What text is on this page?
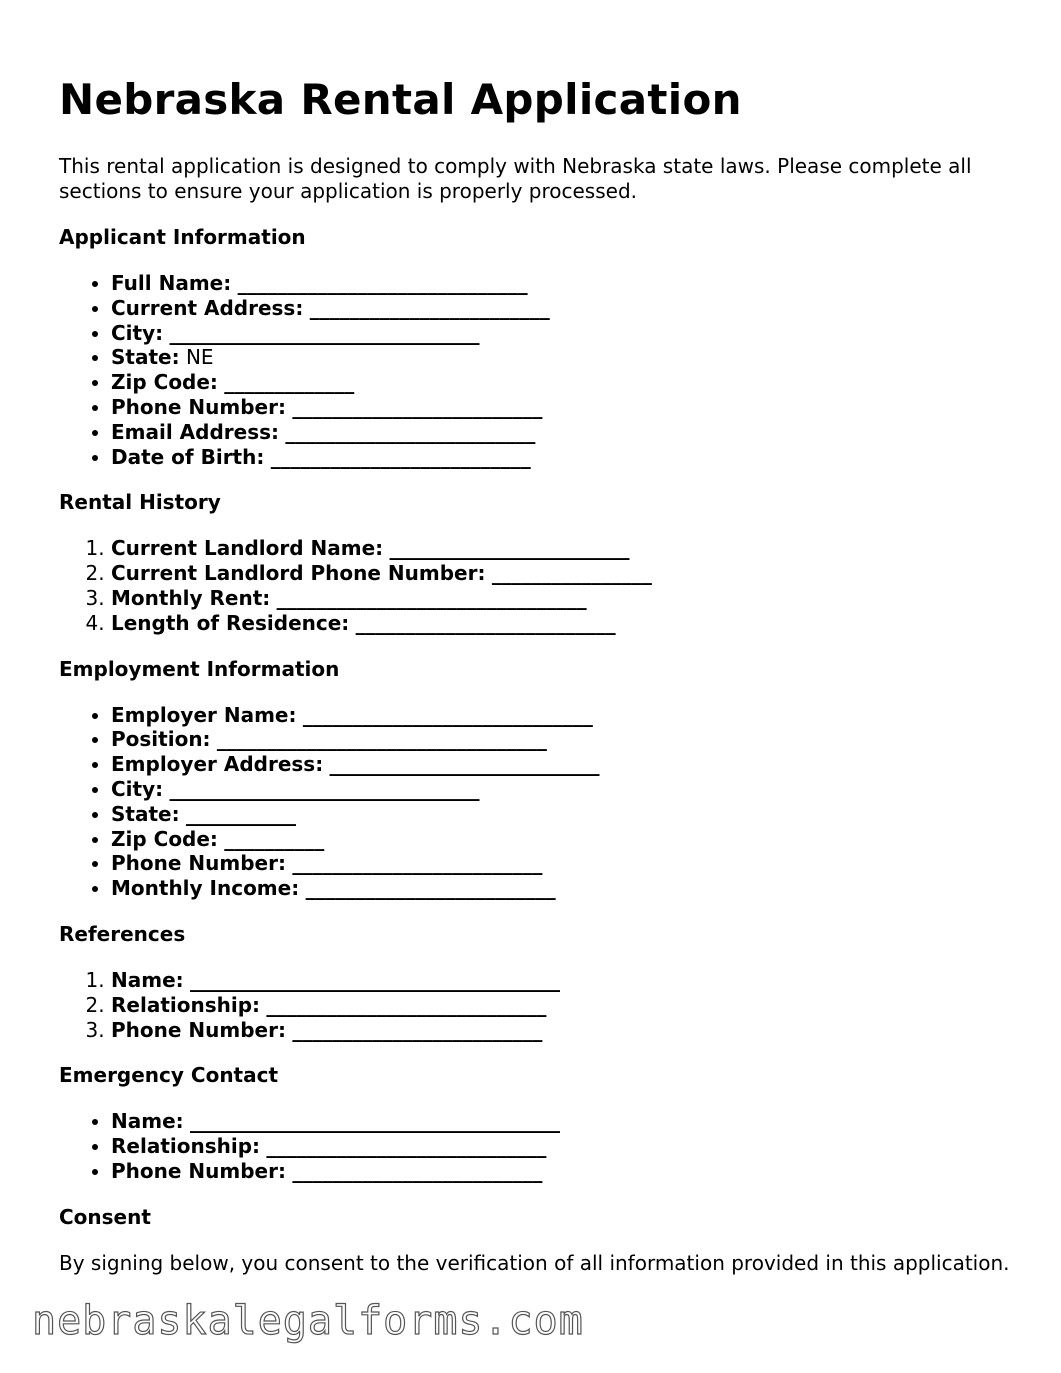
Nebraska Rental Application

This rental application is designed to comply with Nebraska state laws. Please complete all sections to ensure your application is properly processed.

Applicant Information
• Full Name: _____________________________
• Current Address: ________________________
• City: _______________________________
• State: NE
• Zip Code: _____________
• Phone Number: _________________________
• Email Address: _________________________
• Date of Birth: __________________________
Rental History
1. Current Landlord Name: ________________________
2. Current Landlord Phone Number: ________________
3. Monthly Rent: _______________________________
4. Length of Residence: __________________________
Employment Information
• Employer Name: _____________________________
• Position: _________________________________
• Employer Address: ___________________________
• City: _______________________________
• State: ___________
• Zip Code: __________
• Phone Number: _________________________
• Monthly Income: _________________________
References
1. Name: _____________________________________
2. Relationship: ____________________________
3. Phone Number: _________________________
Emergency Contact
• Name: _____________________________________
• Relationship: ____________________________
• Phone Number: _________________________
Consent

By signing below, you consent to the verification of all information provided in this application.

nebraskalegalforms.com
